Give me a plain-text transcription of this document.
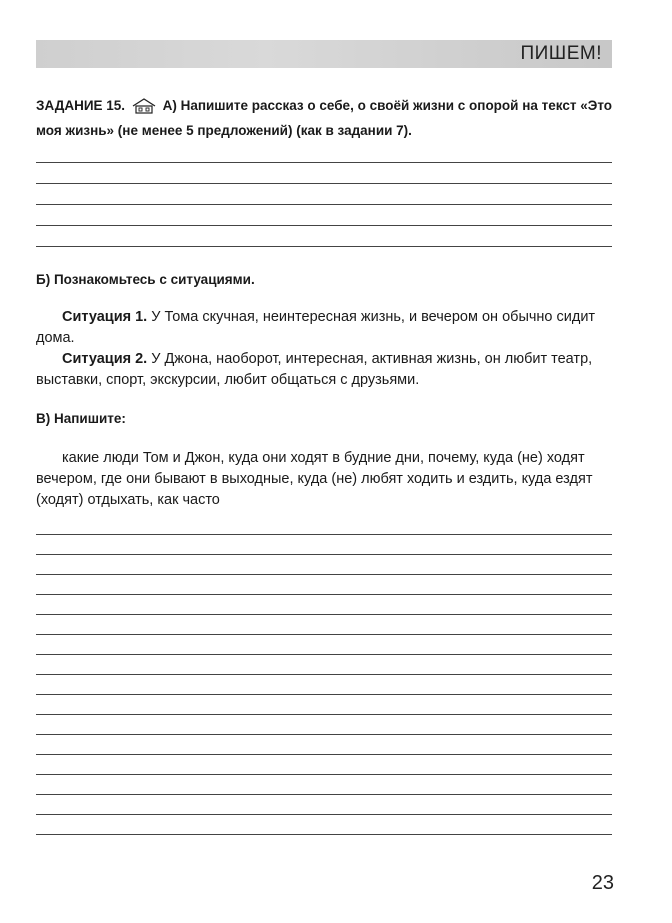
ПИШЕМ!
ЗАДАНИЕ 15.	А) Напишите рассказ о себе, о своёй жизни с опорой на текст «Это моя жизнь» (не менее 5 предложений) (как в задании 7).
Б) Познакомьтесь с ситуациями.

Ситуация 1. У Тома скучная, неинтересная жизнь, и вечером он обычно сидит дома.

Ситуация 2. У Джона, наоборот, интересная, активная жизнь, он любит театр, выставки, спорт, экскурсии, любит общаться с друзьями.

В) Напишите:

какие люди Том и Джон, куда они ходят в будние дни, почему, куда (не) ходят вечером, где они бывают в выходные, куда (не) любят ходить и ездить, куда ездят (ходят) отдыхать, как часто

23
